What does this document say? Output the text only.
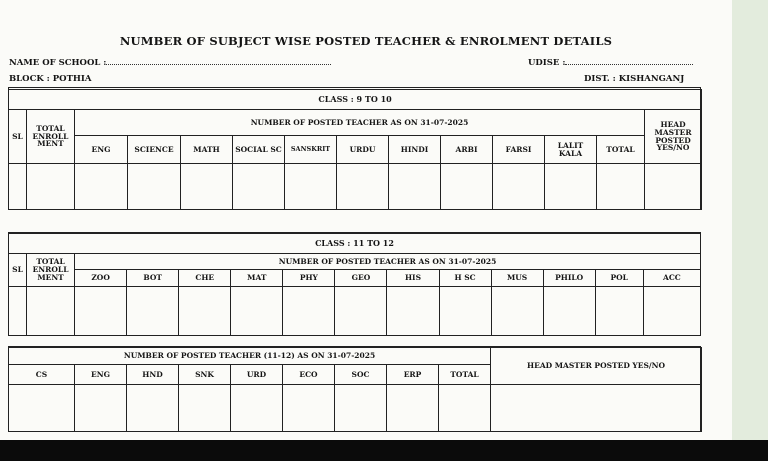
NUMBER OF SUBJECT WISE POSTED TEACHER & ENROLMENT DETAILS
NAME OF SCHOOL :	UDISE :
BLOCK : POTHIA	DIST. : KISHANGANJ
CLASS : 9 TO 10													
SL	TOTAL ENROLL MENT	NUMBER OF POSTED TEACHER AS ON 31-07-2025											HEAD MASTER POSTED YES/NO
		ENG	SCIENCE	MATH	SOCIAL SC	SANSKRIT	URDU	HINDI	ARBI	FARSI	LALIT KALA	TOTAL	

CLASS : 11 TO 12													
SL	TOTAL ENROLL MENT	NUMBER OF POSTED TEACHER AS ON 31-07-2025											
		ZOO	BOT	CHE	MAT	PHY	GEO	HIS	H SC	MUS	PHILO	POL	ACC

NUMBER OF POSTED TEACHER (11-12) AS ON 31-07-2025									HEAD MASTER POSTED YES/NO
CS	ENG	HND	SNK	URD	ECO	SOC	ERP	TOTAL	
